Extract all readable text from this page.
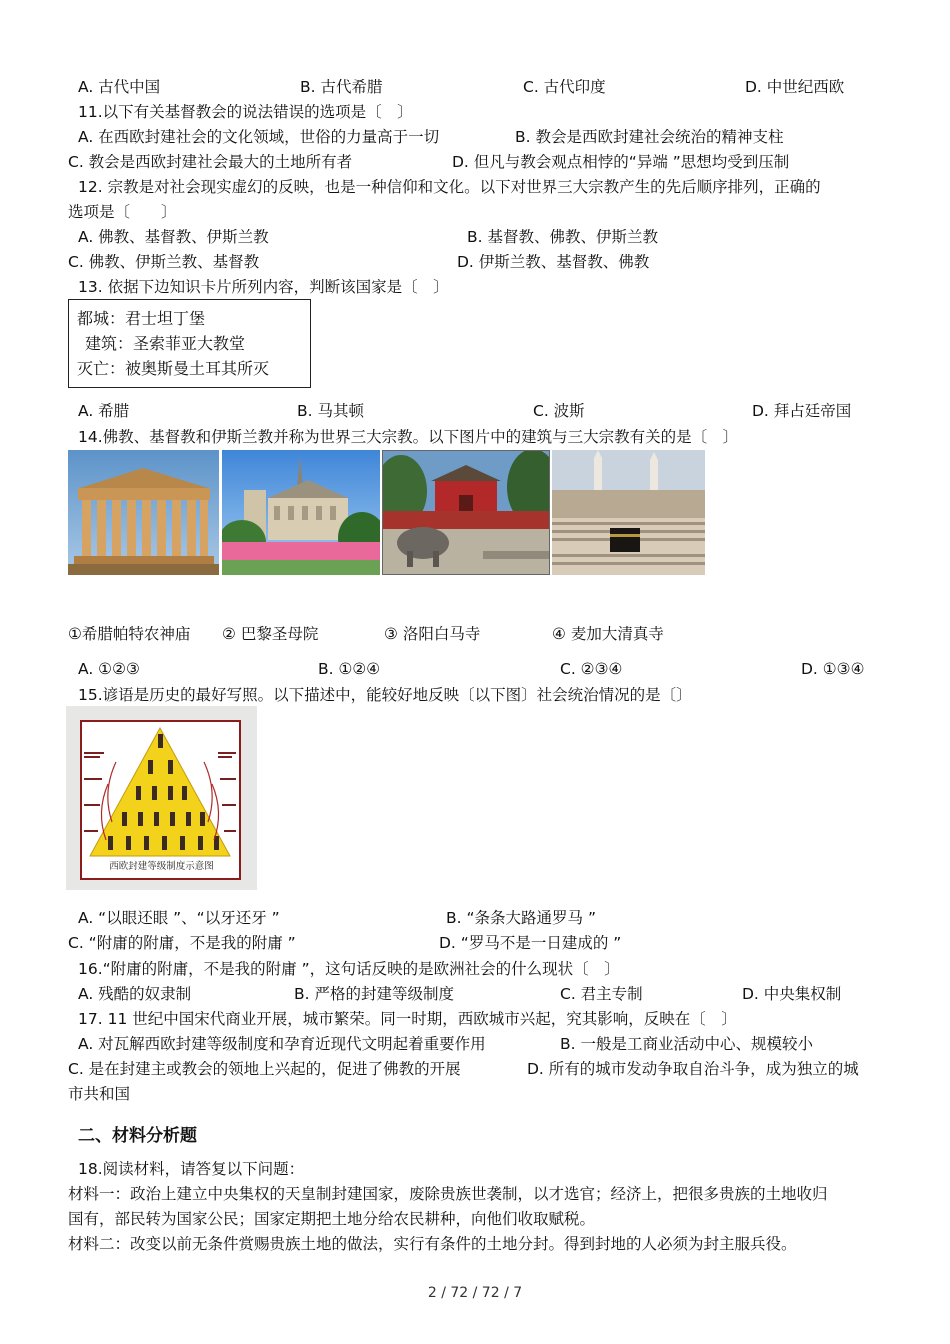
A. 古代中国	B. 古代希腊	C. 古代印度	D. 中世纪西欧
11.以下有关基督教会的说法错误的选项是〔　〕
A. 在西欧封建社会的文化领域，世俗的力量高于一切	B. 教会是西欧封建社会统治的精神支柱
C. 教会是西欧封建社会最大的土地所有者	D. 但凡与教会观点相悖的“异端 ”思想均受到压制
12. 宗教是对社会现实虚幻的反映，也是一种信仰和文化。以下对世界三大宗教产生的先后顺序排列，正确的
选项是〔　　〕
A. 佛教、基督教、伊斯兰教	B. 基督教、佛教、伊斯兰教
C. 佛教、伊斯兰教、基督教	D. 伊斯兰教、基督教、佛教
13. 依据下边知识卡片所列内容，判断该国家是〔　〕
都城：君士坦丁堡
建筑：圣索菲亚大教堂
灭亡：被奥斯曼土耳其所灭
A. 希腊	B. 马其顿	C. 波斯	D. 拜占廷帝国
14.佛教、基督教和伊斯兰教并称为世界三大宗教。以下图片中的建筑与三大宗教有关的是〔　〕
①希腊帕特农神庙 ② 巴黎圣母院	③ 洛阳白马寺	④ 麦加大清真寺
A. ①②③	B. ①②④	C. ②③④	D. ①③④
15.谚语是历史的最好写照。以下描述中，能较好地反映〔以下图〕社会统治情况的是〔〕
西欧封建等级制度示意图
A. “以眼还眼 ”、“以牙还牙 ”	B. “条条大路通罗马 ”
C. “附庸的附庸，不是我的附庸 ”	D. “罗马不是一日建成的 ”
16.“附庸的附庸，不是我的附庸 ”，这句话反映的是欧洲社会的什么现状〔　〕
A. 残酷的奴隶制	B. 严格的封建等级制度	C. 君主专制	D. 中央集权制
17. 11 世纪中国宋代商业开展，城市繁荣。同一时期，西欧城市兴起，究其影响，反映在〔　〕
A. 对瓦解西欧封建等级制度和孕育近现代文明起着重要作用	B. 一般是工商业活动中心、规模较小
C. 是在封建主或教会的领地上兴起的，促进了佛教的开展	D. 所有的城市发动争取自治斗争，成为独立的城
市共和国
二、材料分析题
18.阅读材料，请答复以下问题：
材料一：政治上建立中央集权的天皇制封建国家，废除贵族世袭制，以才选官；经济上，把很多贵族的土地收归
国有，部民转为国家公民；国家定期把土地分给农民耕种，向他们收取赋税。
材料二：改变以前无条件赏赐贵族土地的做法，实行有条件的土地分封。得到封地的人必须为封主服兵役。
2 / 72 / 72 / 7
